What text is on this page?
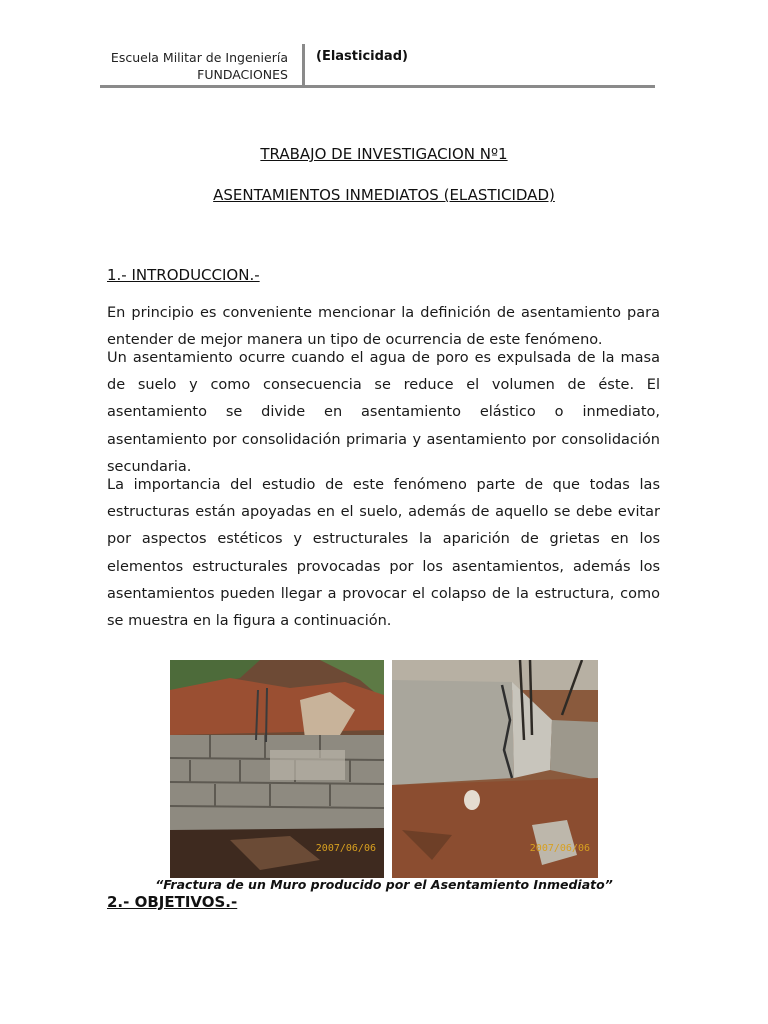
Escuela Militar de Ingeniería
FUNDACIONES
(Elasticidad)
TRABAJO DE INVESTIGACION Nº1
ASENTAMIENTOS INMEDIATOS (ELASTICIDAD)
1.- INTRODUCCION.-

En principio es conveniente mencionar la definición de asentamiento para entender de mejor manera un tipo de ocurrencia de este fenómeno.

Un asentamiento ocurre cuando el agua de poro es expulsada de la masa de suelo y como consecuencia se reduce el volumen de éste. El asentamiento se divide en asentamiento elástico o inmediato, asentamiento por consolidación primaria y asentamiento por consolidación secundaria.

La importancia del estudio de este fenómeno parte de que todas las estructuras están apoyadas en el suelo, además de aquello se debe evitar por aspectos estéticos y estructurales la aparición de grietas en los elementos estructurales provocadas por los asentamientos, además los asentamientos pueden llegar a provocar el colapso de la estructura, como se muestra en la figura a continuación.

2007/06/06	2007/06/06
“Fractura de un Muro producido por el Asentamiento Inmediato”
2.- OBJETIVOS.-
